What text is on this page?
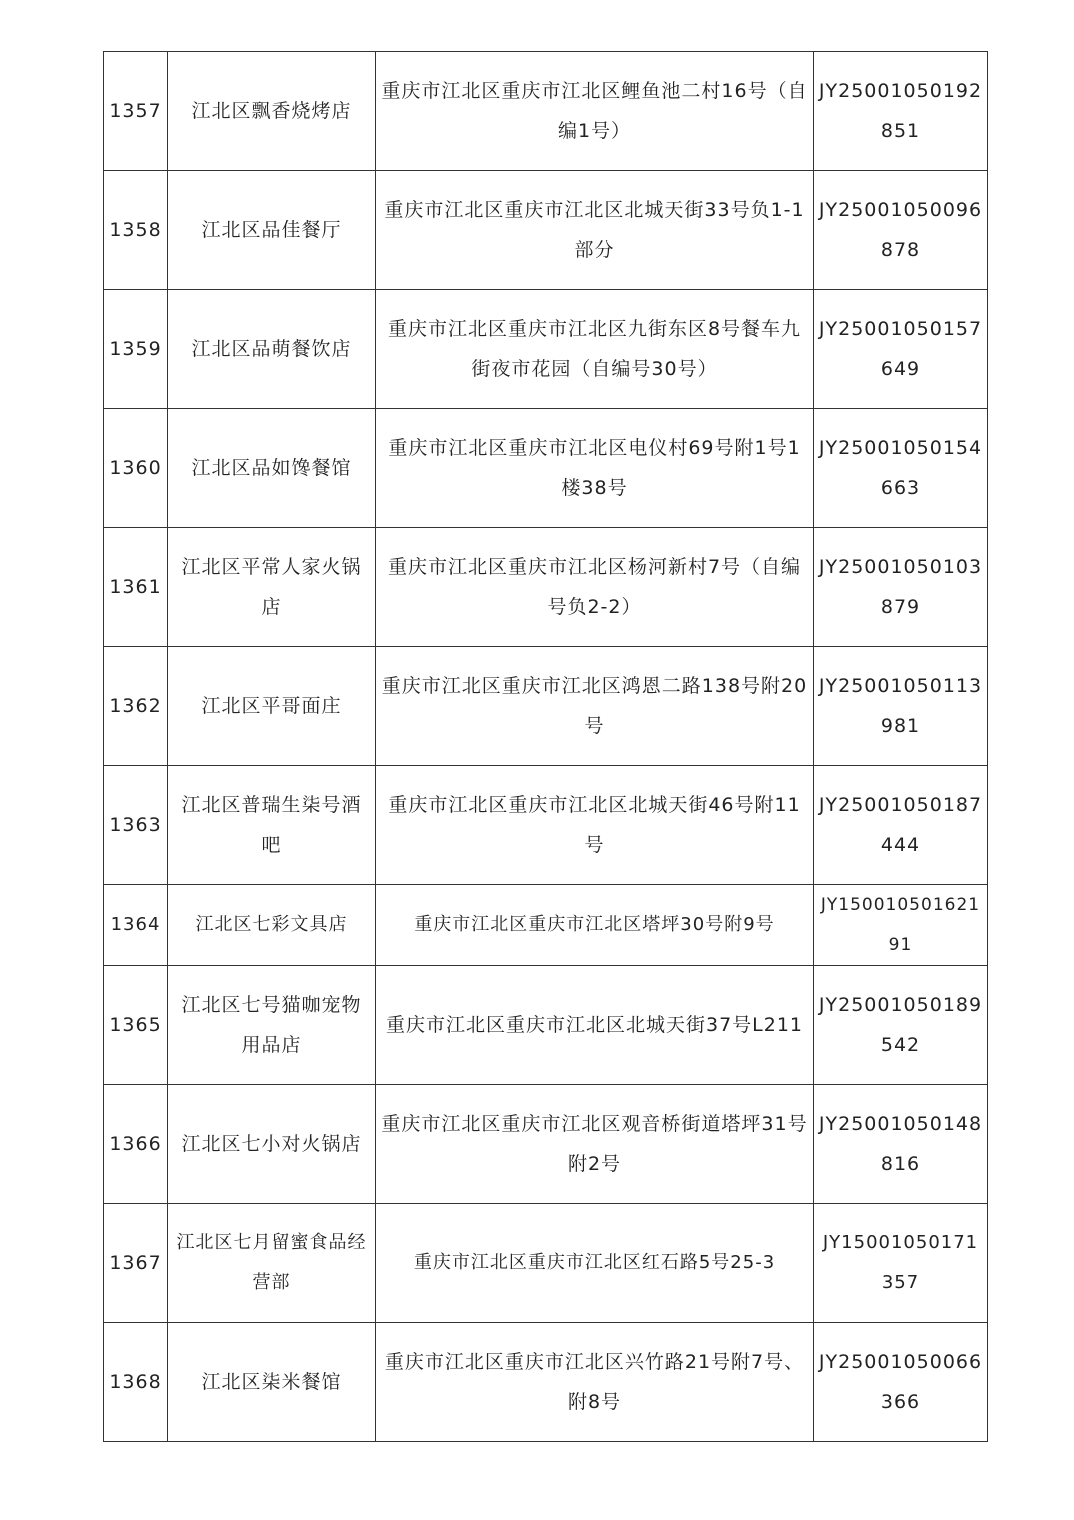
1357	江北区飘香烧烤店	重庆市江北区重庆市江北区鲤鱼池二村16号（自编1号）	JY25001050192851
1358	江北区品佳餐厅	重庆市江北区重庆市江北区北城天街33号负1-1部分	JY25001050096878
1359	江北区品萌餐饮店	重庆市江北区重庆市江北区九街东区8号餐车九街夜市花园（自编号30号）	JY25001050157649
1360	江北区品如馋餐馆	重庆市江北区重庆市江北区电仪村69号附1号1楼38号	JY25001050154663
1361	江北区平常人家火锅店	重庆市江北区重庆市江北区杨河新村7号（自编号负2-2）	JY25001050103879
1362	江北区平哥面庄	重庆市江北区重庆市江北区鸿恩二路138号附20号	JY25001050113981
1363	江北区普瑞生柒号酒吧	重庆市江北区重庆市江北区北城天街46号附11号	JY25001050187444
1364	江北区七彩文具店	重庆市江北区重庆市江北区塔坪30号附9号	JY15001050162191
1365	江北区七号猫咖宠物用品店	重庆市江北区重庆市江北区北城天街37号L211	JY25001050189542
1366	江北区七小对火锅店	重庆市江北区重庆市江北区观音桥街道塔坪31号附2号	JY25001050148816
1367	江北区七月留蜜食品经营部	重庆市江北区重庆市江北区红石路5号25-3	JY15001050171357
1368	江北区柒米餐馆	重庆市江北区重庆市江北区兴竹路21号附7号、附8号	JY25001050066366
